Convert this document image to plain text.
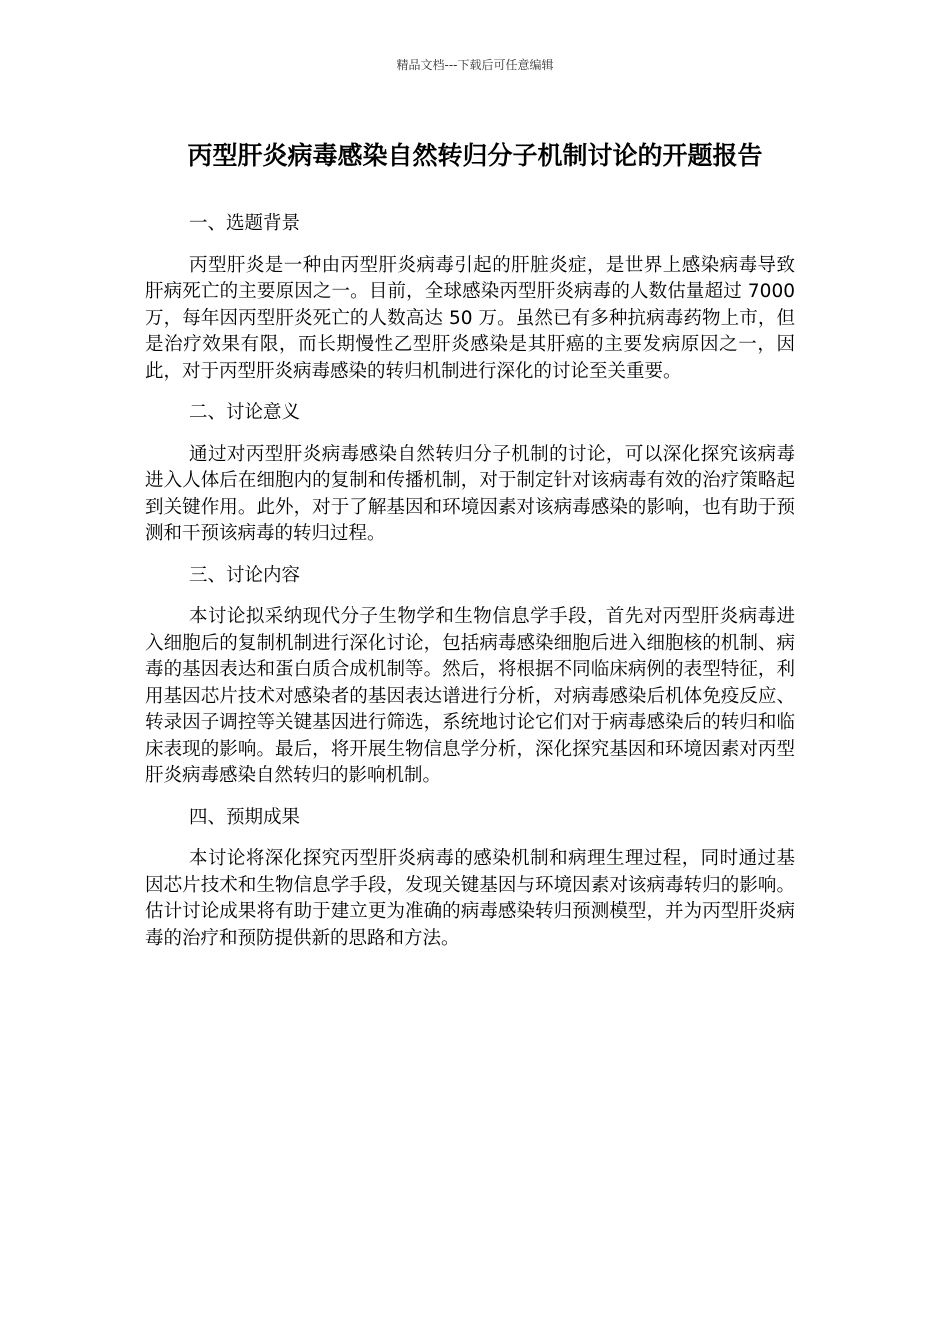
精品文档---下载后可任意编辑
丙型肝炎病毒感染自然转归分子机制讨论的开题报告

一、选题背景

丙型肝炎是一种由丙型肝炎病毒引起的肝脏炎症，是世界上感染病毒导致肝病死亡的主要原因之一。目前，全球感染丙型肝炎病毒的人数估量超过 7000 万，每年因丙型肝炎死亡的人数高达 50 万。虽然已有多种抗病毒药物上市，但是治疗效果有限，而长期慢性乙型肝炎感染是其肝癌的主要发病原因之一，因此，对于丙型肝炎病毒感染的转归机制进行深化的讨论至关重要。

二、讨论意义

通过对丙型肝炎病毒感染自然转归分子机制的讨论，可以深化探究该病毒进入人体后在细胞内的复制和传播机制，对于制定针对该病毒有效的治疗策略起到关键作用。此外，对于了解基因和环境因素对该病毒感染的影响，也有助于预测和干预该病毒的转归过程。

三、讨论内容

本讨论拟采纳现代分子生物学和生物信息学手段，首先对丙型肝炎病毒进入细胞后的复制机制进行深化讨论，包括病毒感染细胞后进入细胞核的机制、病毒的基因表达和蛋白质合成机制等。然后，将根据不同临床病例的表型特征，利用基因芯片技术对感染者的基因表达谱进行分析，对病毒感染后机体免疫反应、转录因子调控等关键基因进行筛选，系统地讨论它们对于病毒感染后的转归和临床表现的影响。最后，将开展生物信息学分析，深化探究基因和环境因素对丙型肝炎病毒感染自然转归的影响机制。

四、预期成果

本讨论将深化探究丙型肝炎病毒的感染机制和病理生理过程，同时通过基因芯片技术和生物信息学手段，发现关键基因与环境因素对该病毒转归的影响。估计讨论成果将有助于建立更为准确的病毒感染转归预测模型，并为丙型肝炎病毒的治疗和预防提供新的思路和方法。
